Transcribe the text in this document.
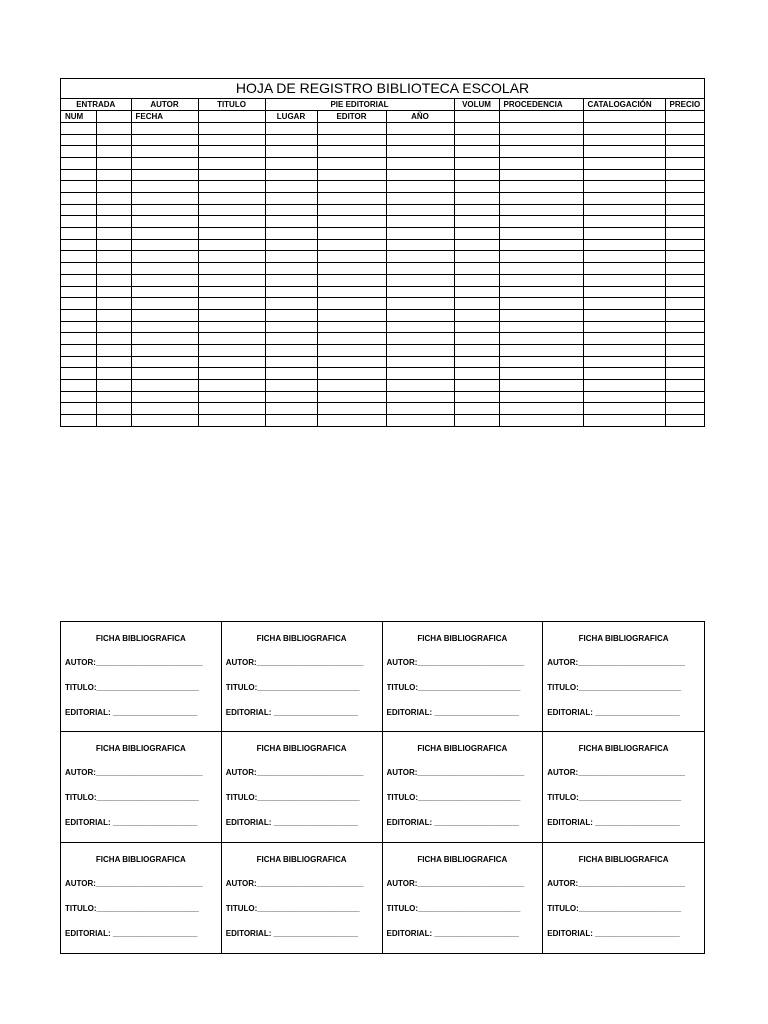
HOJA DE REGISTRO BIBLIOTECA ESCOLAR
ENTRADA		AUTOR	TITULO	PIE EDITORIAL			VOLUM	PROCEDENCIA	CATALOGACIÓN	PRECIO
NUM		FECHA		LUGAR	EDITOR	AÑO				

FICHA BIBLIOGRAFICA
AUTOR:________________________
TITULO:_______________________
EDITORIAL: ___________________
FICHA BIBLIOGRAFICA
AUTOR:________________________
TITULO:_______________________
EDITORIAL: ___________________
FICHA BIBLIOGRAFICA
AUTOR:________________________
TITULO:_______________________
EDITORIAL: ___________________
FICHA BIBLIOGRAFICA
AUTOR:________________________
TITULO:_______________________
EDITORIAL: ___________________
FICHA BIBLIOGRAFICA
AUTOR:________________________
TITULO:_______________________
EDITORIAL: ___________________
FICHA BIBLIOGRAFICA
AUTOR:________________________
TITULO:_______________________
EDITORIAL: ___________________
FICHA BIBLIOGRAFICA
AUTOR:________________________
TITULO:_______________________
EDITORIAL: ___________________
FICHA BIBLIOGRAFICA
AUTOR:________________________
TITULO:_______________________
EDITORIAL: ___________________
FICHA BIBLIOGRAFICA
AUTOR:________________________
TITULO:_______________________
EDITORIAL: ___________________
FICHA BIBLIOGRAFICA
AUTOR:________________________
TITULO:_______________________
EDITORIAL: ___________________
FICHA BIBLIOGRAFICA
AUTOR:________________________
TITULO:_______________________
EDITORIAL: ___________________
FICHA BIBLIOGRAFICA
AUTOR:________________________
TITULO:_______________________
EDITORIAL: ___________________
